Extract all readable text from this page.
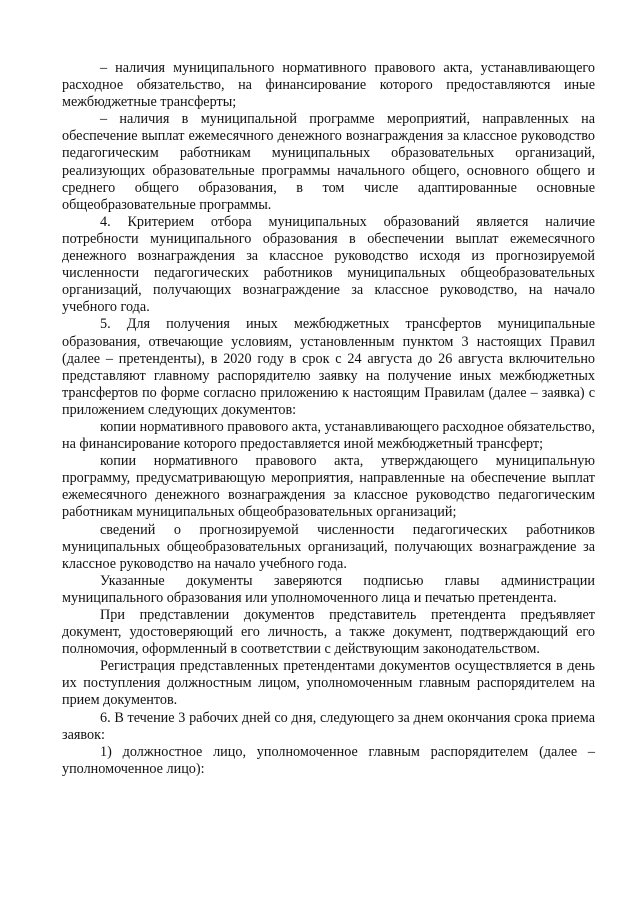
– наличия муниципального нормативного правового акта, устанавливающего расходное обязательство, на финансирование которого предоставляются иные межбюджетные трансферты;

– наличия в муниципальной программе мероприятий, направленных на обеспечение выплат ежемесячного денежного вознаграждения за классное руководство педагогическим работникам муниципальных образовательных организаций, реализующих образовательные программы начального общего, основного общего и среднего общего образования, в том числе адаптированные основные общеобразовательные программы.

4. Критерием отбора муниципальных образований является наличие потребности муниципального образования в обеспечении выплат ежемесячного денежного вознаграждения за классное руководство исходя из прогнозируемой численности педагогических работников муниципальных общеобразовательных организаций, получающих вознаграждение за классное руководство, на начало учебного года.

5. Для получения иных межбюджетных трансфертов муниципальные образования, отвечающие условиям, установленным пунктом 3 настоящих Правил (далее – претенденты), в 2020 году в срок с 24 августа до 26 августа включительно представляют главному распорядителю заявку на получение иных межбюджетных трансфертов по форме согласно приложению к настоящим Правилам (далее – заявка) с приложением следующих документов:

копии нормативного правового акта, устанавливающего расходное обязательство, на финансирование которого предоставляется иной межбюджетный трансферт;

копии нормативного правового акта, утверждающего муниципальную программу, предусматривающую мероприятия, направленные на обеспечение выплат ежемесячного денежного вознаграждения за классное руководство педагогическим работникам муниципальных общеобразовательных организаций;

сведений о прогнозируемой численности педагогических работников муниципальных общеобразовательных организаций, получающих вознаграждение за классное руководство на начало учебного года.

Указанные документы заверяются подписью главы администрации муниципального образования или уполномоченного лица и печатью претендента.

При представлении документов представитель претендента предъявляет документ, удостоверяющий его личность, а также документ, подтверждающий его полномочия, оформленный в соответствии с действующим законодательством.

Регистрация представленных претендентами документов осуществляется в день их поступления должностным лицом, уполномоченным главным распорядителем на прием документов.

6. В течение 3 рабочих дней со дня, следующего за днем окончания срока приема заявок:

1) должностное лицо, уполномоченное главным распорядителем (далее – уполномоченное лицо):
